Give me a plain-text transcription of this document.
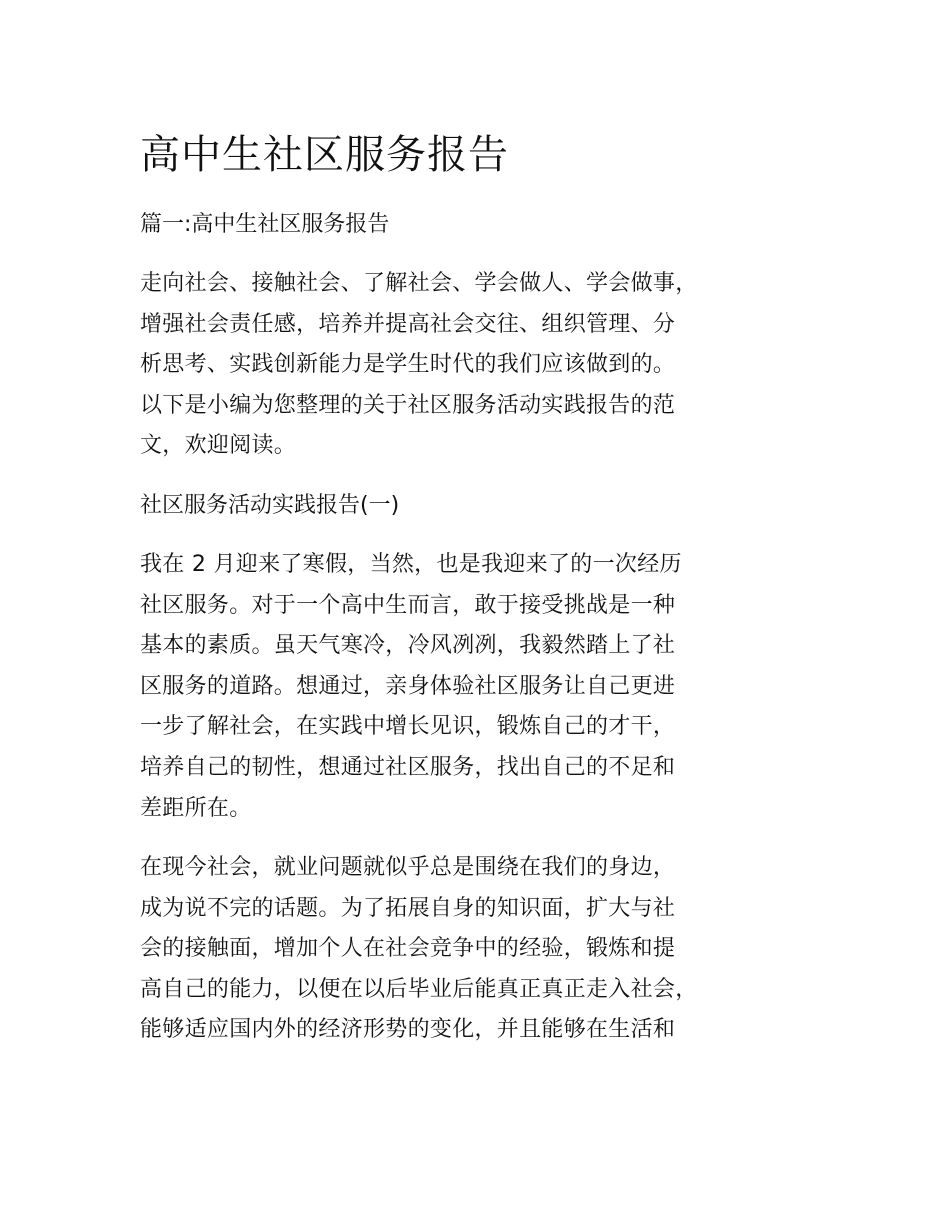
高中生社区服务报告
篇一:高中生社区服务报告
走向社会、接触社会、了解社会、学会做人、学会做事，
增强社会责任感，培养并提高社会交往、组织管理、分
析思考、实践创新能力是学生时代的我们应该做到的。
以下是小编为您整理的关于社区服务活动实践报告的范
文，欢迎阅读。
社区服务活动实践报告(一)
我在 2 月迎来了寒假，当然，也是我迎来了的一次经历
社区服务。对于一个高中生而言，敢于接受挑战是一种
基本的素质。虽天气寒冷，冷风冽冽，我毅然踏上了社
区服务的道路。想通过，亲身体验社区服务让自己更进
一步了解社会，在实践中增长见识，锻炼自己的才干，
培养自己的韧性，想通过社区服务，找出自己的不足和
差距所在。
在现今社会，就业问题就似乎总是围绕在我们的身边，
成为说不完的话题。为了拓展自身的知识面，扩大与社
会的接触面，增加个人在社会竞争中的经验，锻炼和提
高自己的能力，以便在以后毕业后能真正真正走入社会，
能够适应国内外的经济形势的变化，并且能够在生活和
